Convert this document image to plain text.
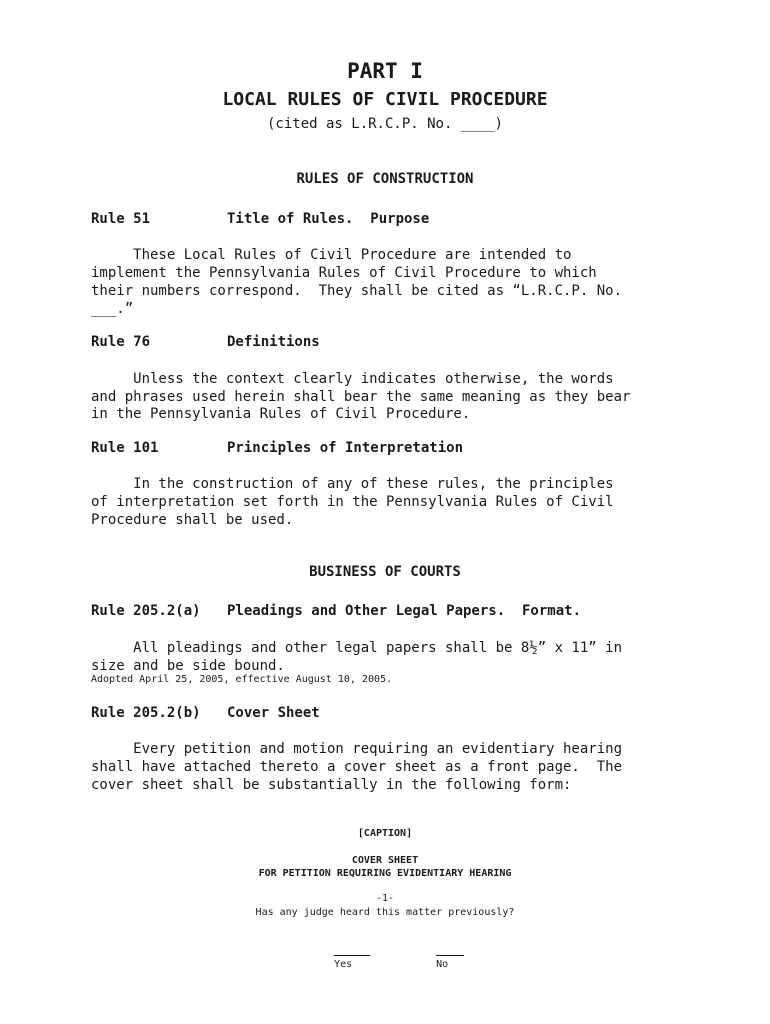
PART I
LOCAL RULES OF CIVIL PROCEDURE
(cited as L.R.C.P. No. ____)
RULES OF CONSTRUCTION
Rule 51	Title of Rules.  Purpose
These Local Rules of Civil Procedure are intended to
implement the Pennsylvania Rules of Civil Procedure to which
their numbers correspond.  They shall be cited as “L.R.C.P. No.
___.”
Rule 76	Definitions
Unless the context clearly indicates otherwise, the words
and phrases used herein shall bear the same meaning as they bear
in the Pennsylvania Rules of Civil Procedure.
Rule 101	Principles of Interpretation
In the construction of any of these rules, the principles
of interpretation set forth in the Pennsylvania Rules of Civil
Procedure shall be used.
BUSINESS OF COURTS
Rule 205.2(a) Pleadings and Other Legal Papers.  Format.
All pleadings and other legal papers shall be 8½” x 11” in
size and be side bound.
Adopted April 25, 2005, effective August 10, 2005.
Rule 205.2(b) Cover Sheet
Every petition and motion requiring an evidentiary hearing
shall have attached thereto a cover sheet as a front page.  The
cover sheet shall be substantially in the following form:
[CAPTION]
COVER SHEET
FOR PETITION REQUIRING EVIDENTIARY HEARING
-1-
Has any judge heard this matter previously?

Yes

	No
